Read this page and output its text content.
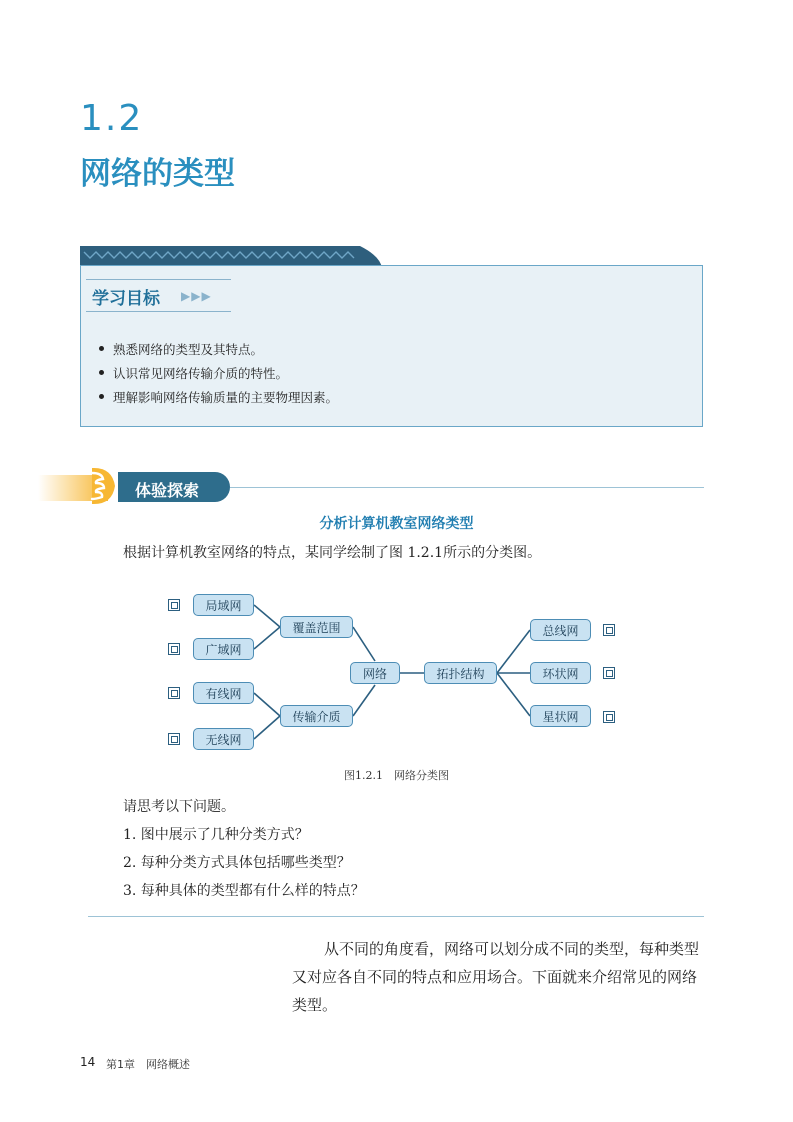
1.2
网络的类型
学习目标 ▶▶▶
熟悉网络的类型及其特点。
认识常见网络传输介质的特性。
理解影响网络传输质量的主要物理因素。
体验探索
分析计算机教室网络类型
根据计算机教室网络的特点，某同学绘制了图 1.2.1所示的分类图。
局域网
广域网
有线网
无线网
覆盖范围
传输介质
网络	拓扑结构
总线网
环状网
星状网
图1.2.1　网络分类图
请思考以下问题。
1. 图中展示了几种分类方式？
2. 每种分类方式具体包括哪些类型？
3. 每种具体的类型都有什么样的特点？
从不同的角度看，网络可以划分成不同的类型，每种类型又对应各自不同的特点和应用场合。下面就来介绍常见的网络类型。
14 第1章　网络概述
